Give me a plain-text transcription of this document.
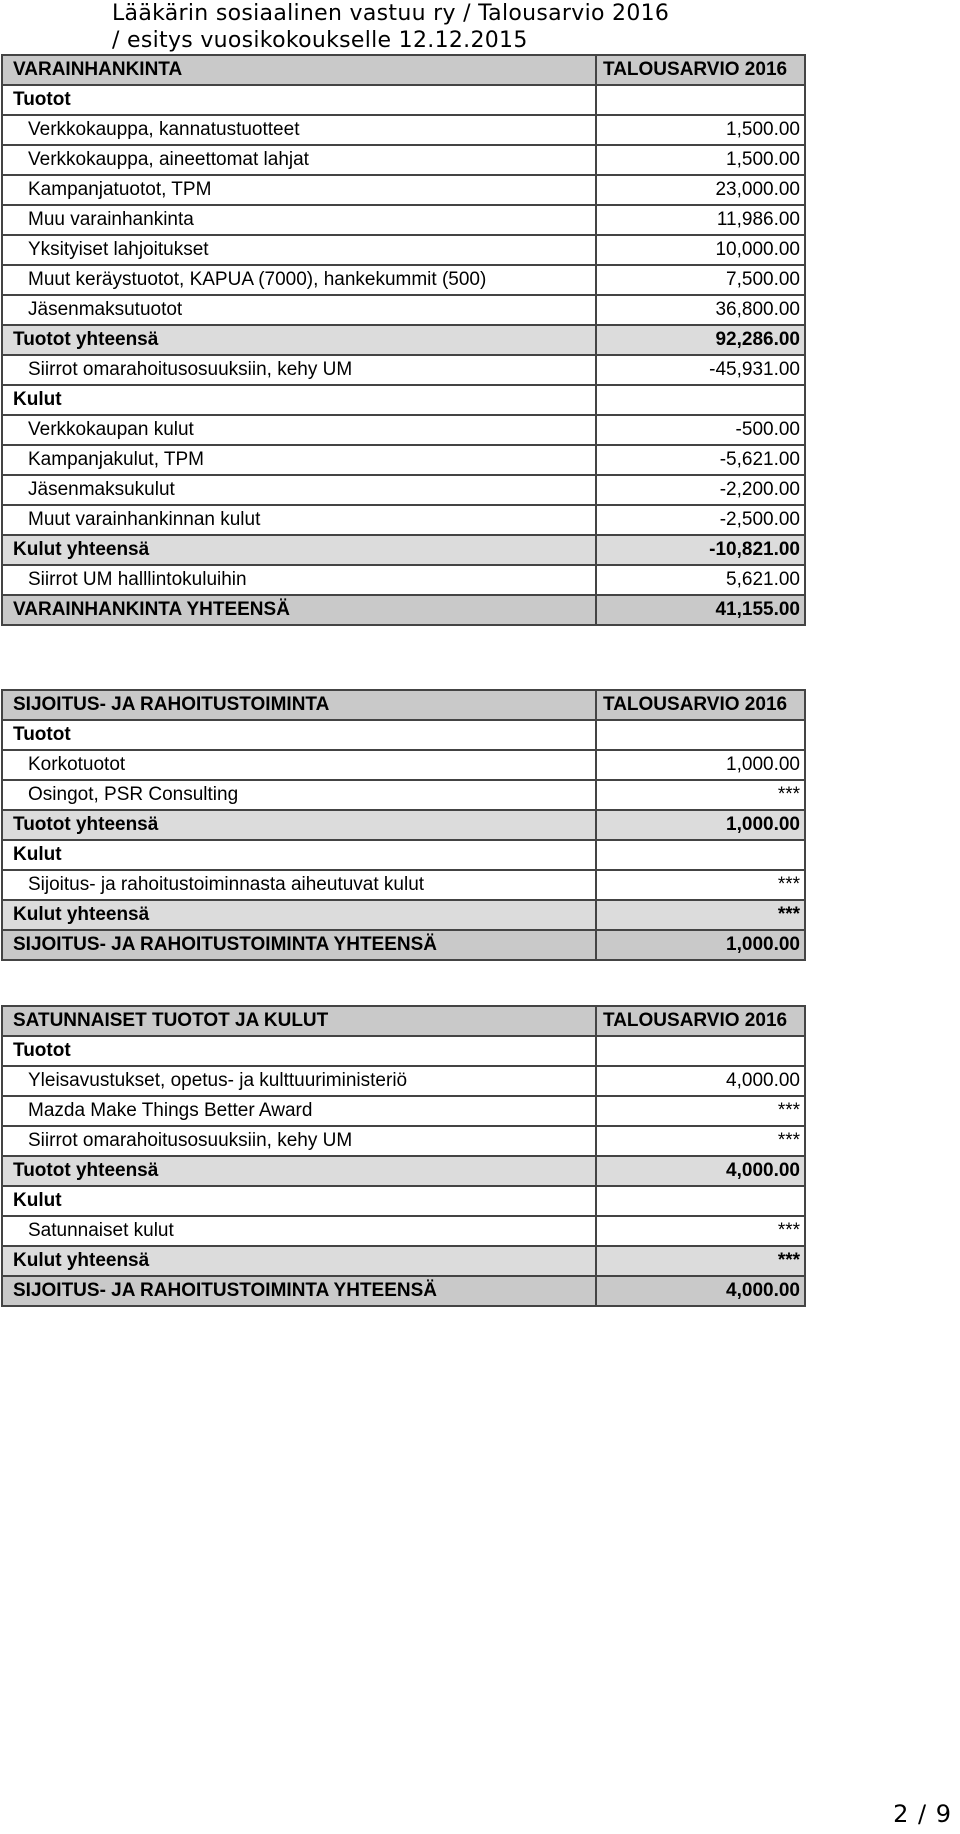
Lääkärin sosiaalinen vastuu ry / Talousarvio 2016
/ esitys vuosikokoukselle 12.12.2015
VARAINHANKINTA	TALOUSARVIO 2016
Tuotot	
Verkkokauppa, kannatustuotteet	1,500.00
Verkkokauppa, aineettomat lahjat	1,500.00
Kampanjatuotot, TPM	23,000.00
Muu varainhankinta	11,986.00
Yksityiset lahjoitukset	10,000.00
Muut keräystuotot, KAPUA (7000), hankekummit (500)	7,500.00
Jäsenmaksutuotot	36,800.00
Tuotot yhteensä	92,286.00
Siirrot omarahoitusosuuksiin, kehy UM	-45,931.00
Kulut	
Verkkokaupan kulut	-500.00
Kampanjakulut, TPM	-5,621.00
Jäsenmaksukulut	-2,200.00
Muut varainhankinnan kulut	-2,500.00
Kulut yhteensä	-10,821.00
Siirrot UM halllintokuluihin	5,621.00
VARAINHANKINTA YHTEENSÄ	41,155.00
SIJOITUS- JA RAHOITUSTOIMINTA	TALOUSARVIO 2016
Tuotot	
Korkotuotot	1,000.00
Osingot, PSR Consulting	***
Tuotot yhteensä	1,000.00
Kulut	
Sijoitus- ja rahoitustoiminnasta aiheutuvat kulut	***
Kulut yhteensä	***
SIJOITUS- JA RAHOITUSTOIMINTA YHTEENSÄ	1,000.00
SATUNNAISET TUOTOT JA KULUT	TALOUSARVIO 2016
Tuotot	
Yleisavustukset, opetus- ja kulttuuriministeriö	4,000.00
Mazda Make Things Better Award	***
Siirrot omarahoitusosuuksiin, kehy UM	***
Tuotot yhteensä	4,000.00
Kulut	
Satunnaiset kulut	***
Kulut yhteensä	***
SIJOITUS- JA RAHOITUSTOIMINTA YHTEENSÄ	4,000.00
2 / 9
